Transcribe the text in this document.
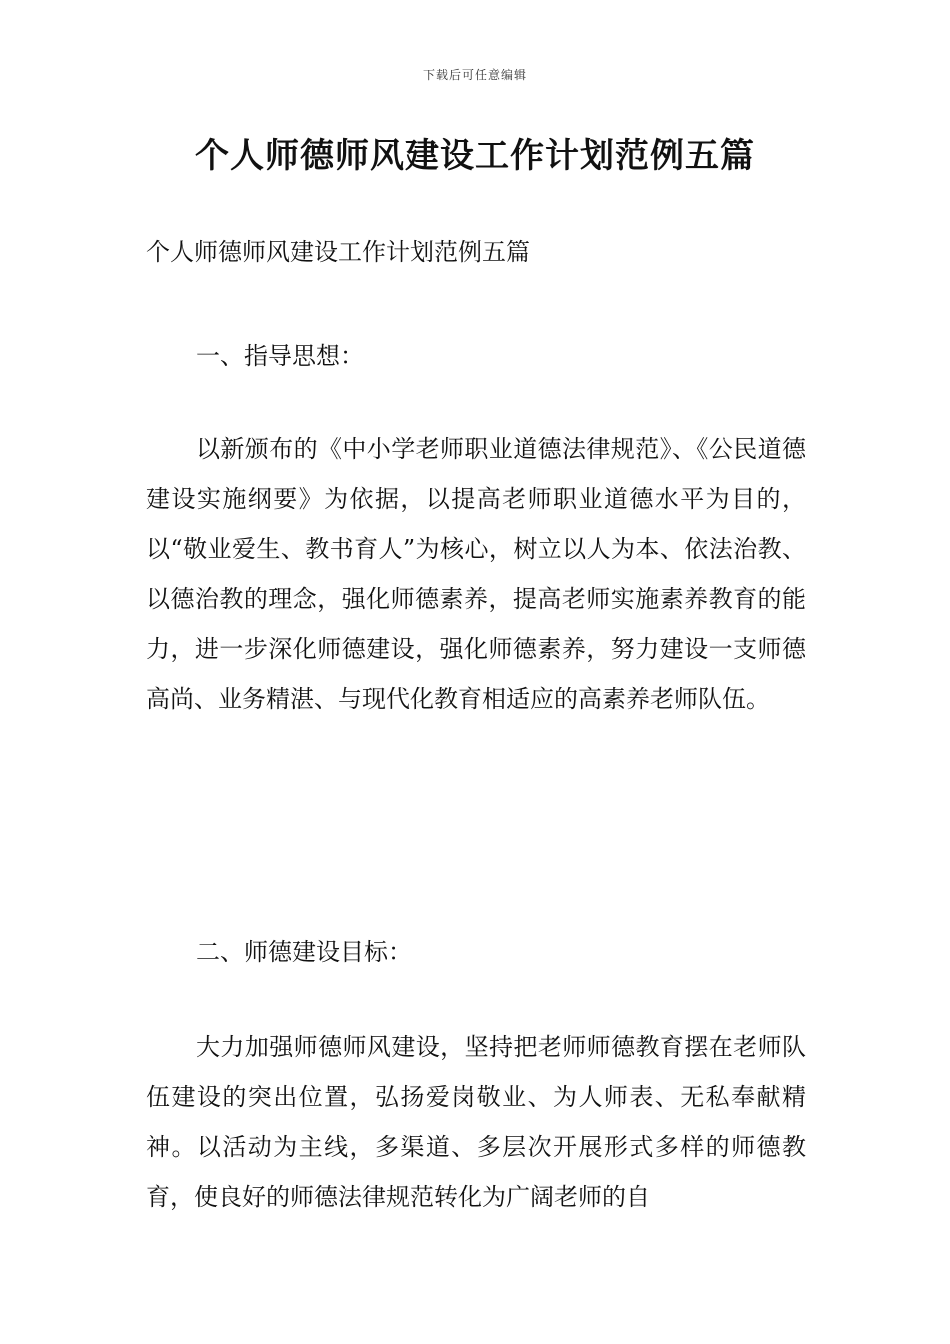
下载后可任意编辑
个人师德师风建设工作计划范例五篇

个人师德师风建设工作计划范例五篇

一、指导思想：

以新颁布的《中小学老师职业道德法律规范》、《公民道德建设实施纲要》为依据，以提高老师职业道德水平为目的，以“敬业爱生、教书育人”为核心，树立以人为本、依法治教、以德治教的理念，强化师德素养，提高老师实施素养教育的能力，进一步深化师德建设，强化师德素养，努力建设一支师德高尚、业务精湛、与现代化教育相适应的高素养老师队伍。

二、师德建设目标：

大力加强师德师风建设，坚持把老师师德教育摆在老师队伍建设的突出位置，弘扬爱岗敬业、为人师表、无私奉献精神。以活动为主线，多渠道、多层次开展形式多样的师德教育，使良好的师德法律规范转化为广阔老师的自
